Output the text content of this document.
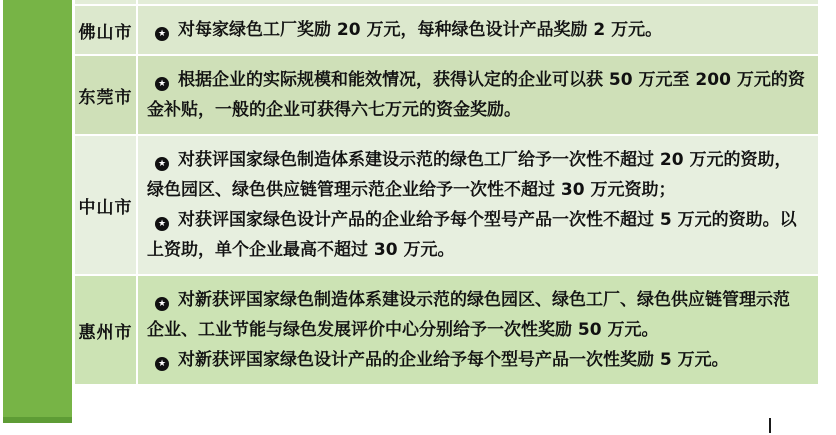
佛山市	★ 对每家绿色工厂奖励 20 万元，每种绿色设计产品奖励 2 万元。

东莞市

★ 根据企业的实际规模和能效情况，获得认定的企业可以获 50 万元至 200 万元的资金补贴，一般的企业可获得六七万元的资金奖励。

中山市

★ 对获评国家绿色制造体系建设示范的绿色工厂给予一次性不超过 20 万元的资助，绿色园区、绿色供应链管理示范企业给予一次性不超过 30 万元资助；

★ 对获评国家绿色设计产品的企业给予每个型号产品一次性不超过 5 万元的资助。以上资助，单个企业最高不超过 30 万元。

惠州市

★ 对新获评国家绿色制造体系建设示范的绿色园区、绿色工厂、绿色供应链管理示范企业、工业节能与绿色发展评价中心分别给予一次性奖励 50 万元。

★ 对新获评国家绿色设计产品的企业给予每个型号产品一次性奖励 5 万元。
